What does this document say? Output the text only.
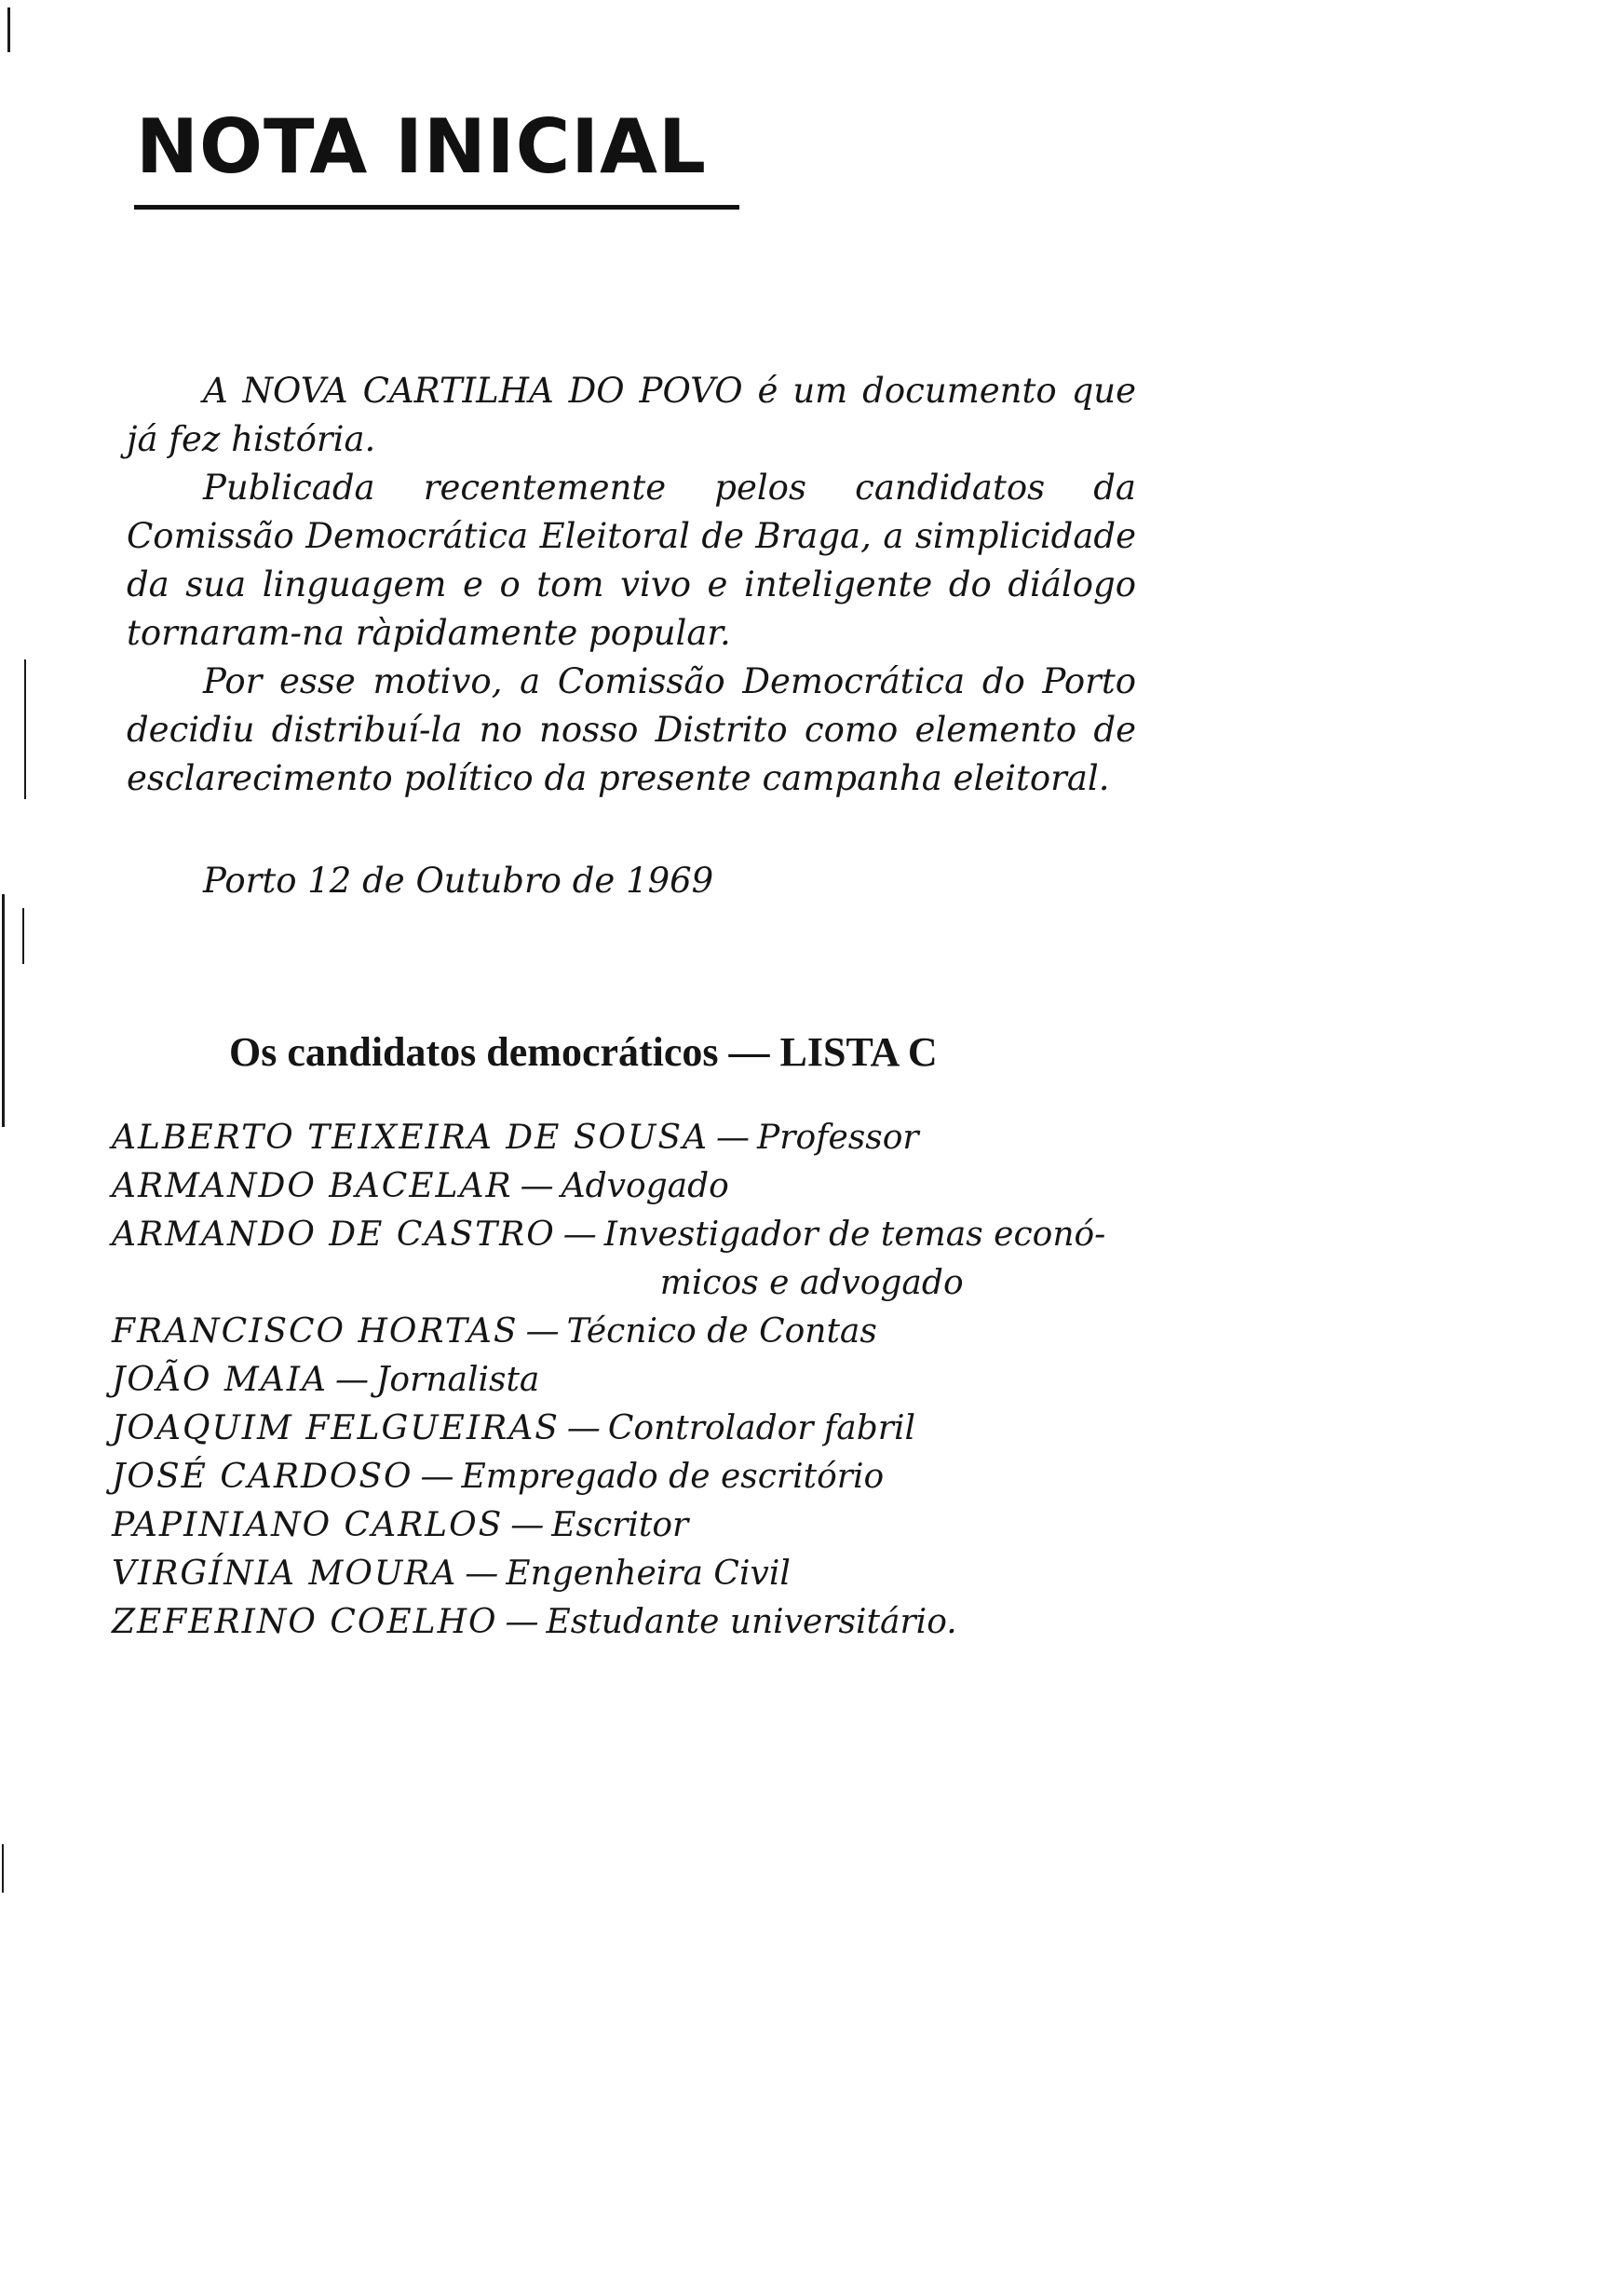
NOTA INICIAL

A NOVA CARTILHA DO POVO é um documento que já fez história.

Publicada recentemente pelos candidatos da Comissão Democrática Eleitoral de Braga, a simplicidade da sua linguagem e o tom vivo e inteligente do diálogo tornaram-na ràpidamente popular.

Por esse motivo, a Comissão Democrática do Porto decidiu distribuí-la no nosso Distrito como elemento de esclarecimento político da presente campanha eleitoral.

Porto 12 de Outubro de 1969

Os candidatos democráticos — LISTA C
ALBERTO TEIXEIRA DE SOUSA — Professor
ARMANDO BACELAR — Advogado
ARMANDO DE CASTRO — Investigador de temas econó-
micos e advogado
FRANCISCO HORTAS — Técnico de Contas
JOÃO MAIA — Jornalista
JOAQUIM FELGUEIRAS — Controlador fabril
JOSÉ CARDOSO — Empregado de escritório
PAPINIANO CARLOS — Escritor
VIRGÍNIA MOURA — Engenheira Civil
ZEFERINO COELHO — Estudante universitário.
